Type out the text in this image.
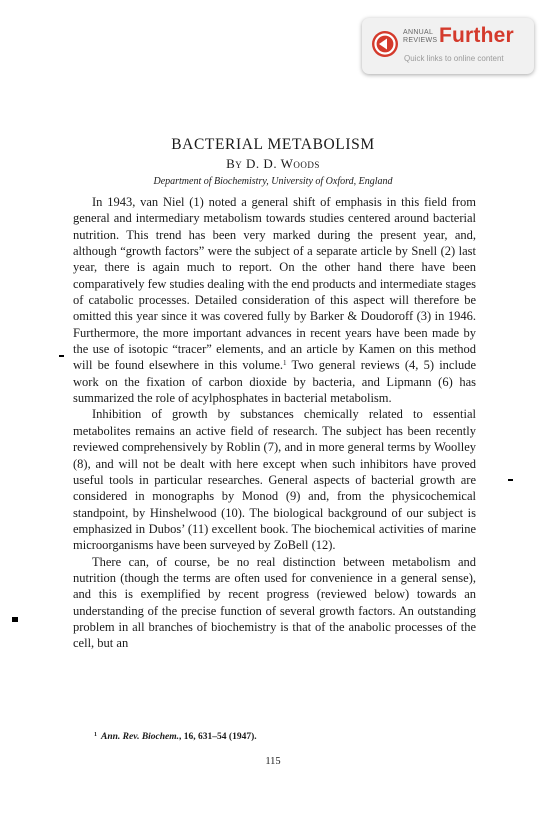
ANNUAL
REVIEWS Further
Quick links to online content
BACTERIAL METABOLISM
By D. D. Woods
Department of Biochemistry, University of Oxford, England

In 1943, van Niel (1) noted a general shift of emphasis in this field from general and intermediary metabolism towards studies centered around bacterial nutrition. This trend has been very marked during the present year, and, although “growth factors” were the subject of a separate article by Snell (2) last year, there is again much to report. On the other hand there have been comparatively few studies dealing with the end products and intermediate stages of catabolic processes. Detailed consideration of this aspect will therefore be omitted this year since it was covered fully by Barker & Doudoroff (3) in 1946. Furthermore, the more important advances in recent years have been made by the use of isotopic “tracer” elements, and an article by Kamen on this method will be found elsewhere in this volume.$^1$ Two general reviews (4, 5) include work on the fixation of carbon dioxide by bacteria, and Lipmann (6) has summarized the role of acylphosphates in bacterial metabolism.

Inhibition of growth by substances chemically related to essential metabolites remains an active field of research. The subject has been recently reviewed comprehensively by Roblin (7), and in more general terms by Woolley (8), and will not be dealt with here except when such inhibitors have proved useful tools in particular researches. General aspects of bacterial growth are considered in monographs by Monod (9) and, from the physicochemical standpoint, by Hinshelwood (10). The biological background of our subject is emphasized in Dubos’ (11) excellent book. The biochemical activities of marine microorganisms have been surveyed by ZoBell (12).

There can, of course, be no real distinction between metabolism and nutrition (though the terms are often used for convenience in a general sense), and this is exemplified by recent progress (reviewed below) towards an understanding of the precise function of several growth factors. An outstanding problem in all branches of biochemistry is that of the anabolic processes of the cell, but an

$^1$ Ann. Rev. Biochem., 16, 631–54 (1947).
115
